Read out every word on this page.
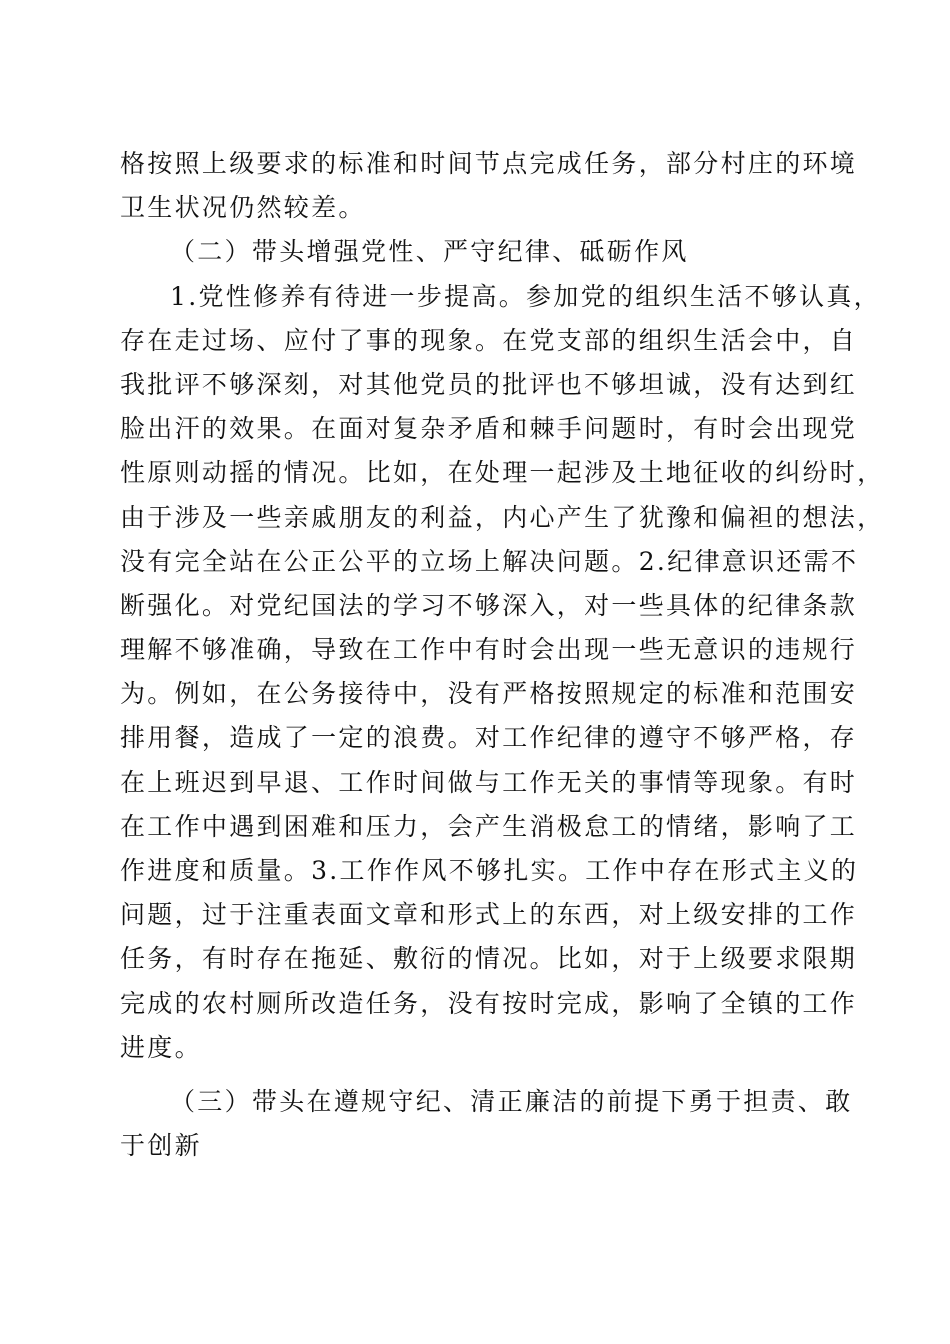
格按照上级要求的标准和时间节点完成任务，部分村庄的环境
卫生状况仍然较差。
（二）带头增强党性、严守纪律、砥砺作风
1.党性修养有待进一步提高。参加党的组织生活不够认真，
存在走过场、应付了事的现象。在党支部的组织生活会中，自
我批评不够深刻，对其他党员的批评也不够坦诚，没有达到红
脸出汗的效果。在面对复杂矛盾和棘手问题时，有时会出现党
性原则动摇的情况。比如，在处理一起涉及土地征收的纠纷时，
由于涉及一些亲戚朋友的利益，内心产生了犹豫和偏袒的想法，
没有完全站在公正公平的立场上解决问题。2.纪律意识还需不
断强化。对党纪国法的学习不够深入，对一些具体的纪律条款
理解不够准确，导致在工作中有时会出现一些无意识的违规行
为。例如，在公务接待中，没有严格按照规定的标准和范围安
排用餐，造成了一定的浪费。对工作纪律的遵守不够严格，存
在上班迟到早退、工作时间做与工作无关的事情等现象。有时
在工作中遇到困难和压力，会产生消极怠工的情绪，影响了工
作进度和质量。3.工作作风不够扎实。工作中存在形式主义的
问题，过于注重表面文章和形式上的东西，对上级安排的工作
任务，有时存在拖延、敷衍的情况。比如，对于上级要求限期
完成的农村厕所改造任务，没有按时完成，影响了全镇的工作
进度。
（三）带头在遵规守纪、清正廉洁的前提下勇于担责、敢
于创新
